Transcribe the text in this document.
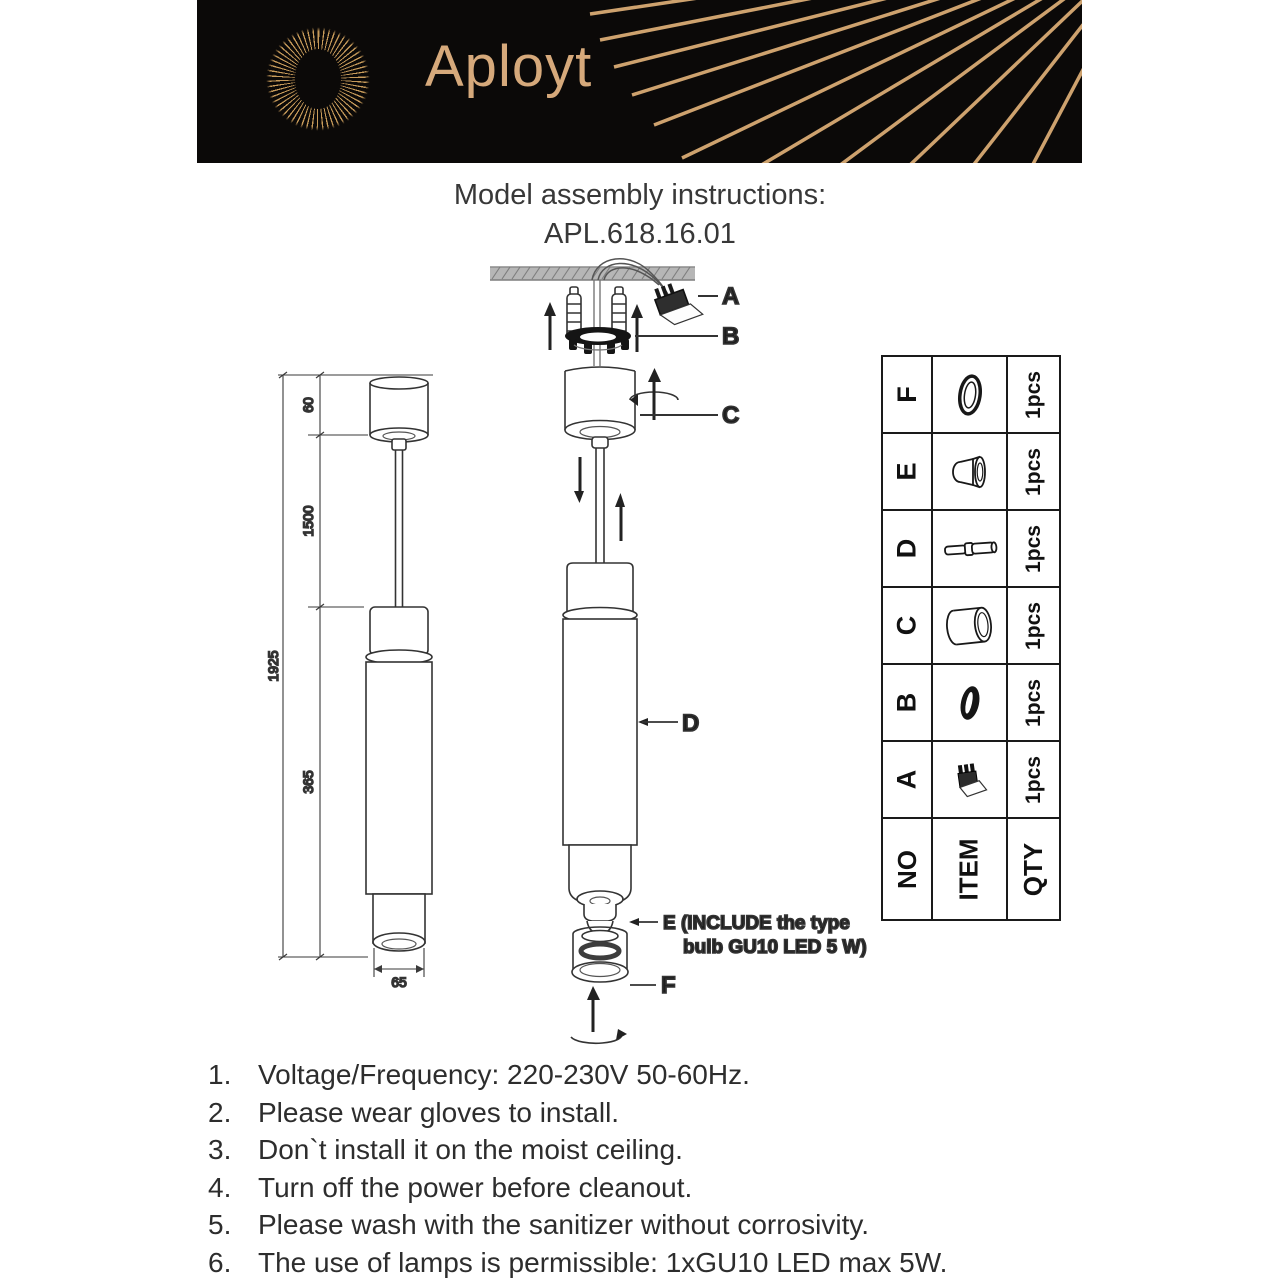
Aployt
Model assembly instructions:
APL.618.16.01
60
1500
1925
365
65
A
B
C
D
E (INCLUDE the type
bulb GU10 LED 5 W)
F
F	1pcs
E	1pcs
D	1pcs
C	1pcs
B	1pcs
A	1pcs
NO ITEM QTY
1. Voltage/Frequency: 220-230V 50-60Hz.
2. Please wear gloves to install.
3. Don`t install it on the moist ceiling.
4. Turn off the power before cleanout.
5. Please wash with the sanitizer without corrosivity.
6. The use of lamps is permissible: 1xGU10 LED max 5W.
